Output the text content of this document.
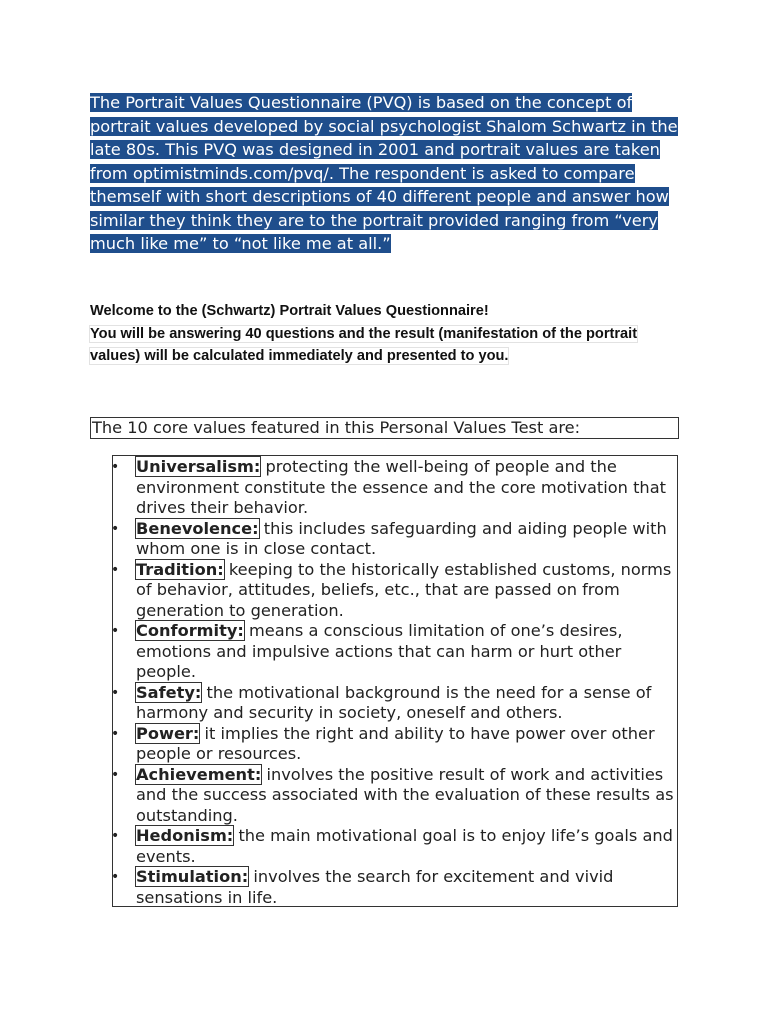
The Portrait Values Questionnaire (PVQ) is based on the concept of portrait values developed by social psychologist Shalom Schwartz in the late 80s. This PVQ was designed in 2001 and portrait values are taken from optimistminds.com/pvq/. The respondent is asked to compare themself with short descriptions of 40 different people and answer how similar they think they are to the portrait provided ranging from “very much like me” to “not like me at all.”

Welcome to the (Schwartz) Portrait Values Questionnaire!
You will be answering 40 questions and the result (manifestation of the portrait values) will be calculated immediately and presented to you.
The 10 core values featured in this Personal Values Test are:
• Universalism: protecting the well-being of people and the environment constitute the essence and the core motivation that drives their behavior.
• Benevolence: this includes safeguarding and aiding people with whom one is in close contact.
• Tradition: keeping to the historically established customs, norms of behavior, attitudes, beliefs, etc., that are passed on from generation to generation.
• Conformity: means a conscious limitation of one’s desires, emotions and impulsive actions that can harm or hurt other people.
• Safety: the motivational background is the need for a sense of harmony and security in society, oneself and others.
• Power: it implies the right and ability to have power over other people or resources.
• Achievement: involves the positive result of work and activities and the success associated with the evaluation of these results as outstanding.
• Hedonism: the main motivational goal is to enjoy life’s goals and events.
• Stimulation: involves the search for excitement and vivid sensations in life.
